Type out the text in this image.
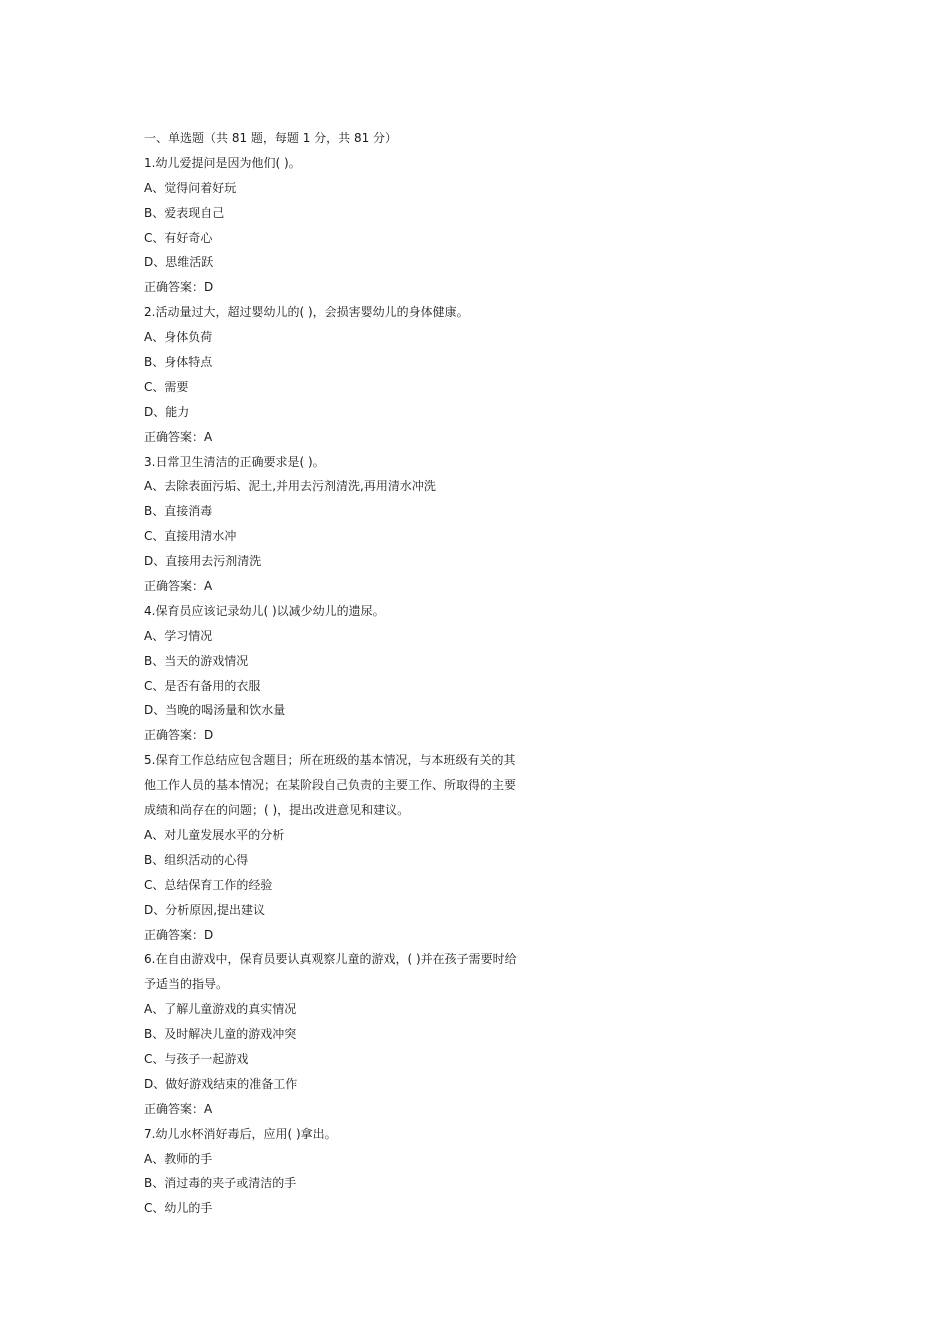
一、单选题（共 81 题，每题 1 分，共 81 分）
1.幼儿爱提问是因为他们( )。
A、觉得问着好玩
B、爱表现自己
C、有好奇心
D、思维活跃
正确答案：D
2.活动量过大，超过婴幼儿的( )，会损害婴幼儿的身体健康。
A、身体负荷
B、身体特点
C、需要
D、能力
正确答案：A
3.日常卫生清洁的正确要求是( )。
A、去除表面污垢、泥土,并用去污剂清洗,再用清水冲洗
B、直接消毒
C、直接用清水冲
D、直接用去污剂清洗
正确答案：A
4.保育员应该记录幼儿( )以减少幼儿的遗尿。
A、学习情况
B、当天的游戏情况
C、是否有备用的衣服
D、当晚的喝汤量和饮水量
正确答案：D
5.保育工作总结应包含题目；所在班级的基本情况，与本班级有关的其
他工作人员的基本情况；在某阶段自己负责的主要工作、所取得的主要
成绩和尚存在的问题；( )，提出改进意见和建议。
A、对儿童发展水平的分析
B、组织活动的心得
C、总结保育工作的经验
D、分析原因,提出建议
正确答案：D
6.在自由游戏中，保育员要认真观察儿童的游戏，( )并在孩子需要时给
予适当的指导。
A、了解儿童游戏的真实情况
B、及时解决儿童的游戏冲突
C、与孩子一起游戏
D、做好游戏结束的准备工作
正确答案：A
7.幼儿水杯消好毒后，应用( )拿出。
A、教师的手
B、消过毒的夹子或清洁的手
C、幼儿的手
